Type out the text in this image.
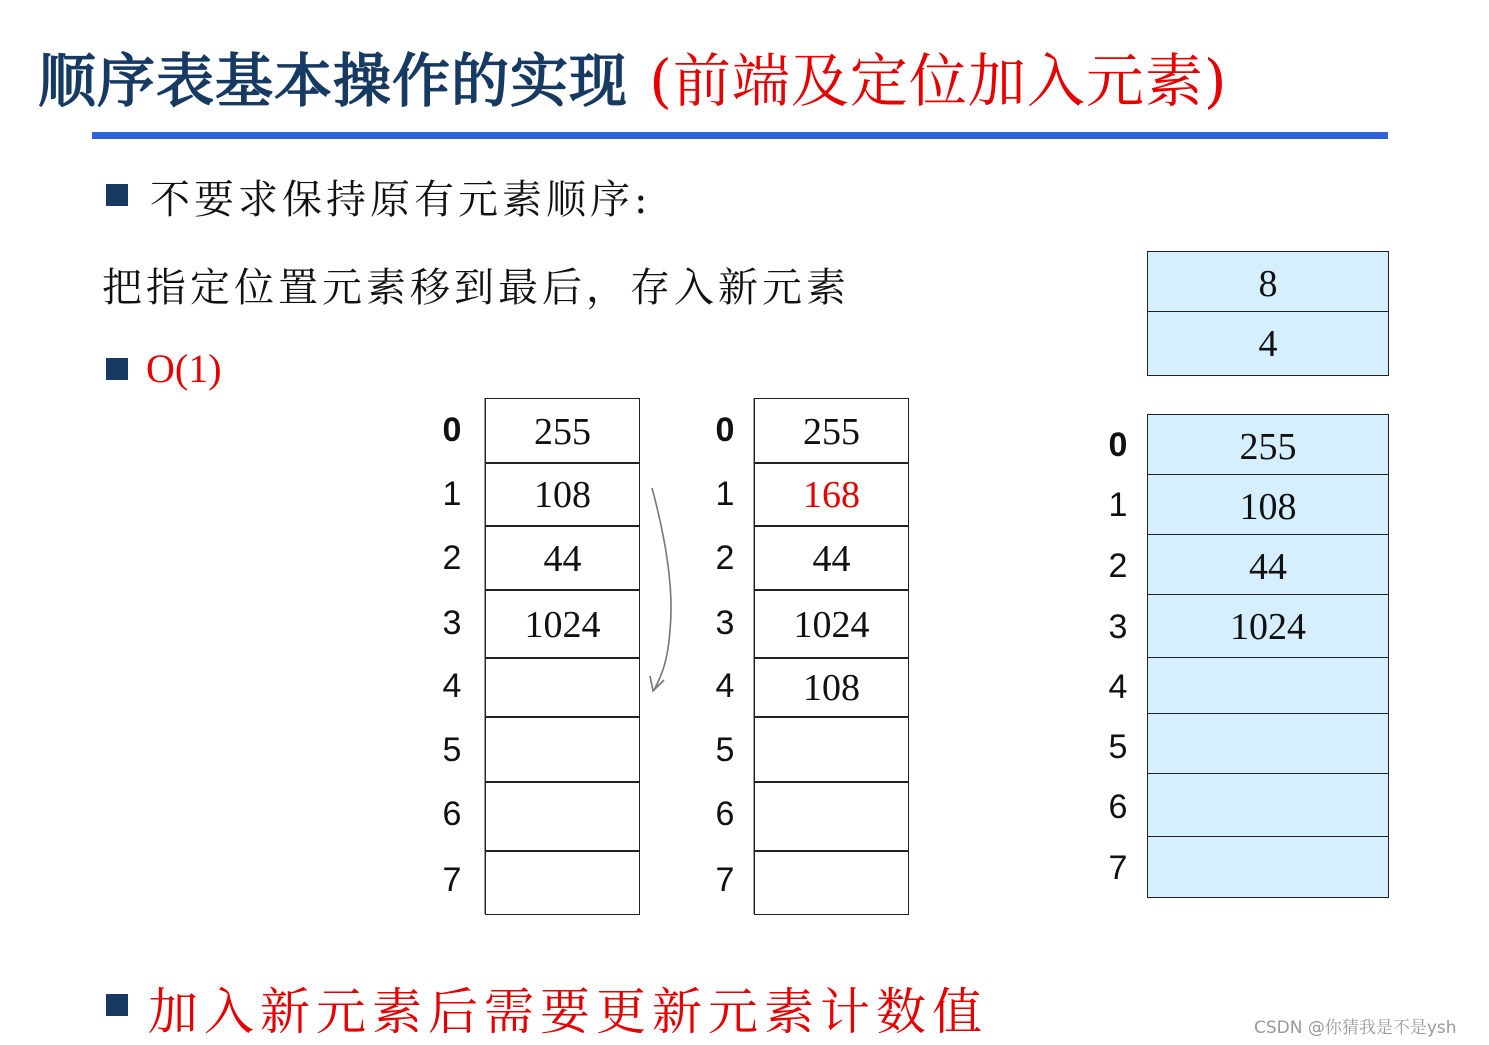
顺序表基本操作的实现 (前端及定位加入元素)
不要求保持原有元素顺序:
把指定位置元素移到最后，存入新元素
O(1)
加入新元素后需要更新元素计数值
0
1
2
3
4
5
6
7
255
108
44
1024
0
1
2
3
4
5
6
7
255
168
44
1024
108
8
4
0
1
2
3
4
5
6
7
255
108
44
1024
CSDN @你猜我是不是ysh
